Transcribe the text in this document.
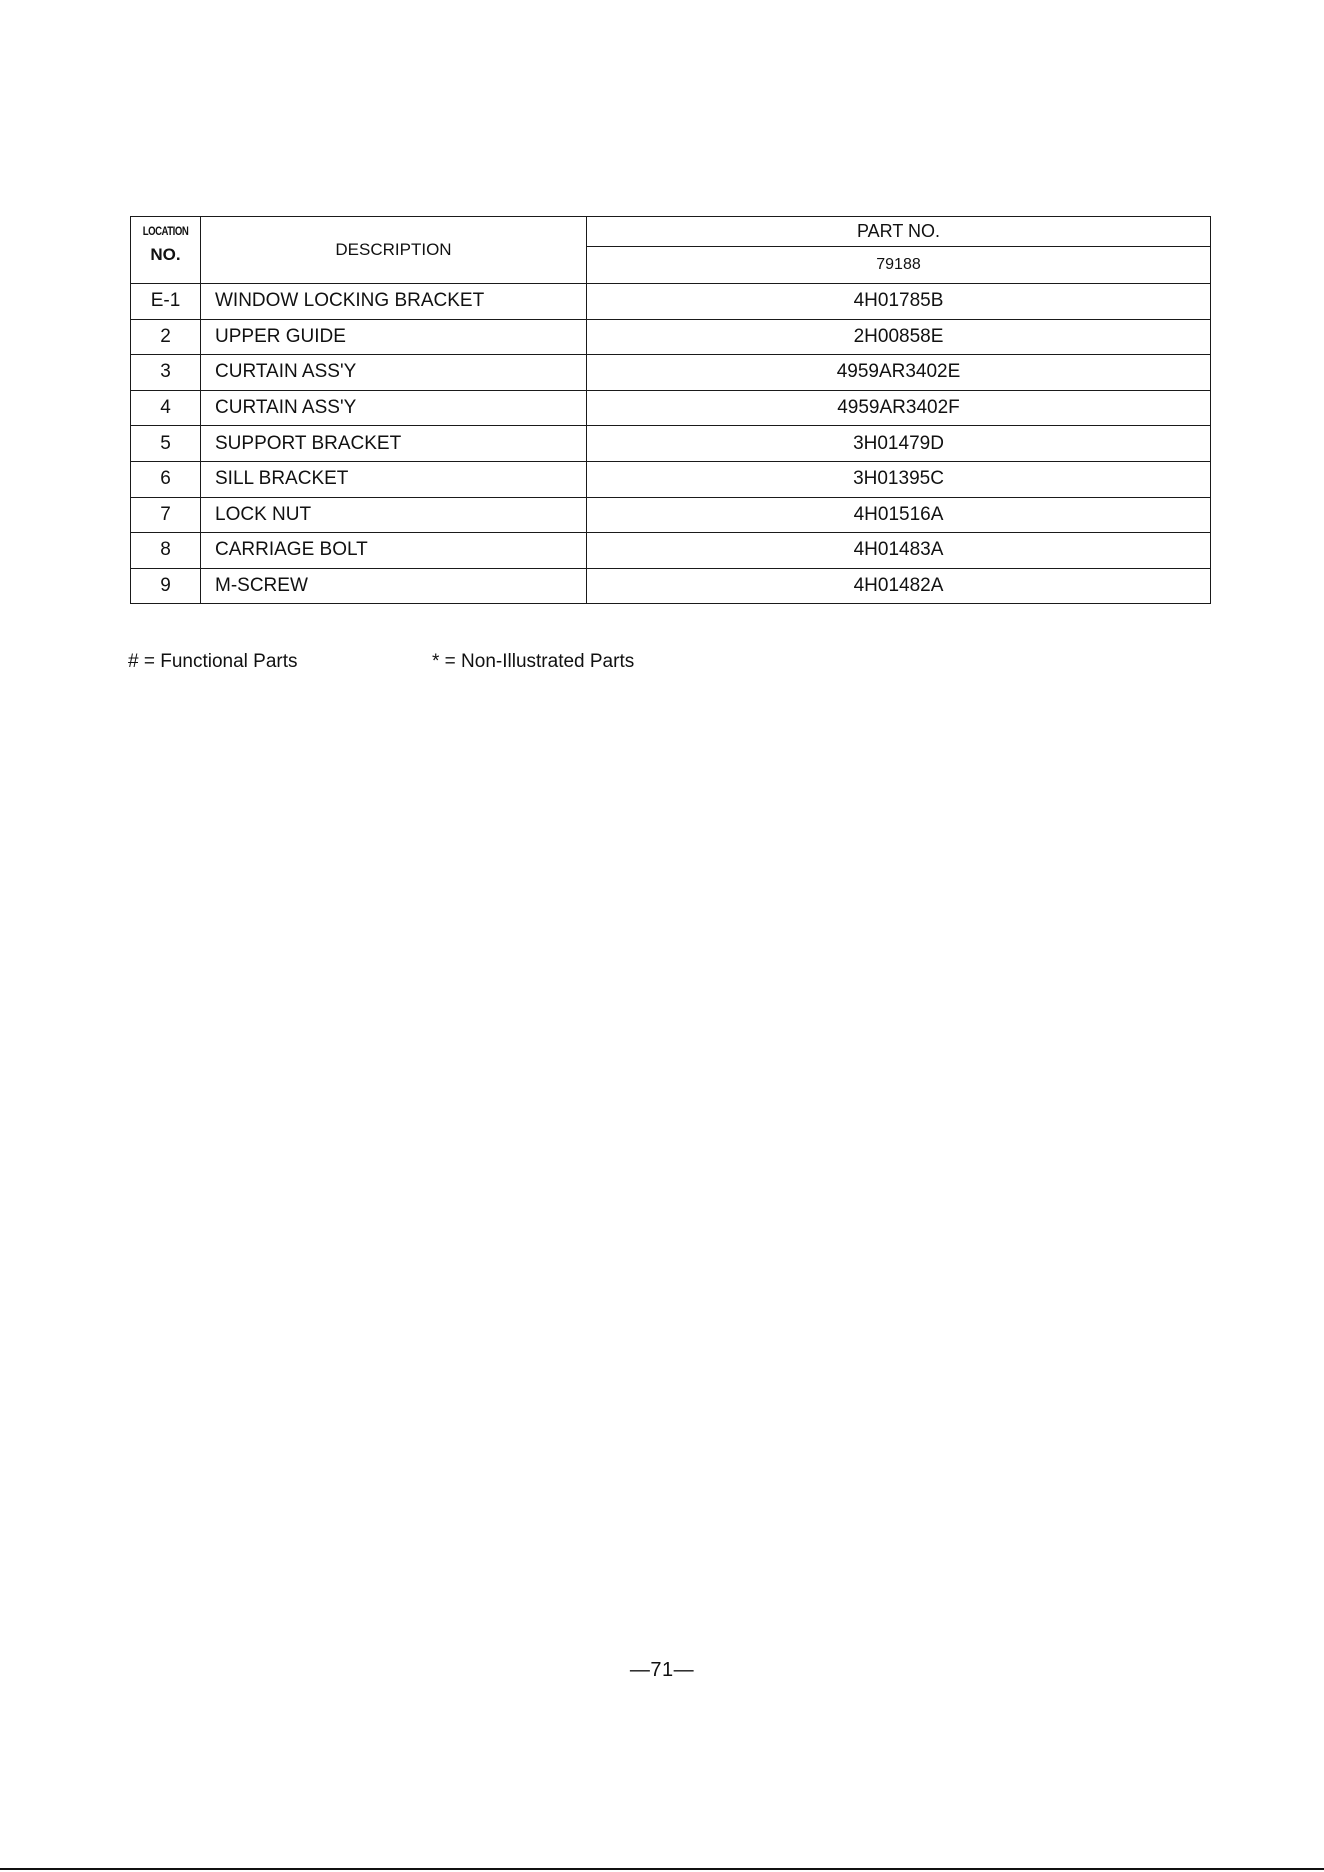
LOCATION
NO.	DESCRIPTION	PART NO.
		79188
E-1	WINDOW LOCKING BRACKET	4H01785B
2	UPPER GUIDE	2H00858E
3	CURTAIN ASS'Y	4959AR3402E
4	CURTAIN ASS'Y	4959AR3402F
5	SUPPORT BRACKET	3H01479D
6	SILL BRACKET	3H01395C
7	LOCK NUT	4H01516A
8	CARRIAGE BOLT	4H01483A
9	M-SCREW	4H01482A
# = Functional Parts	* = Non-Illustrated Parts
—71—
